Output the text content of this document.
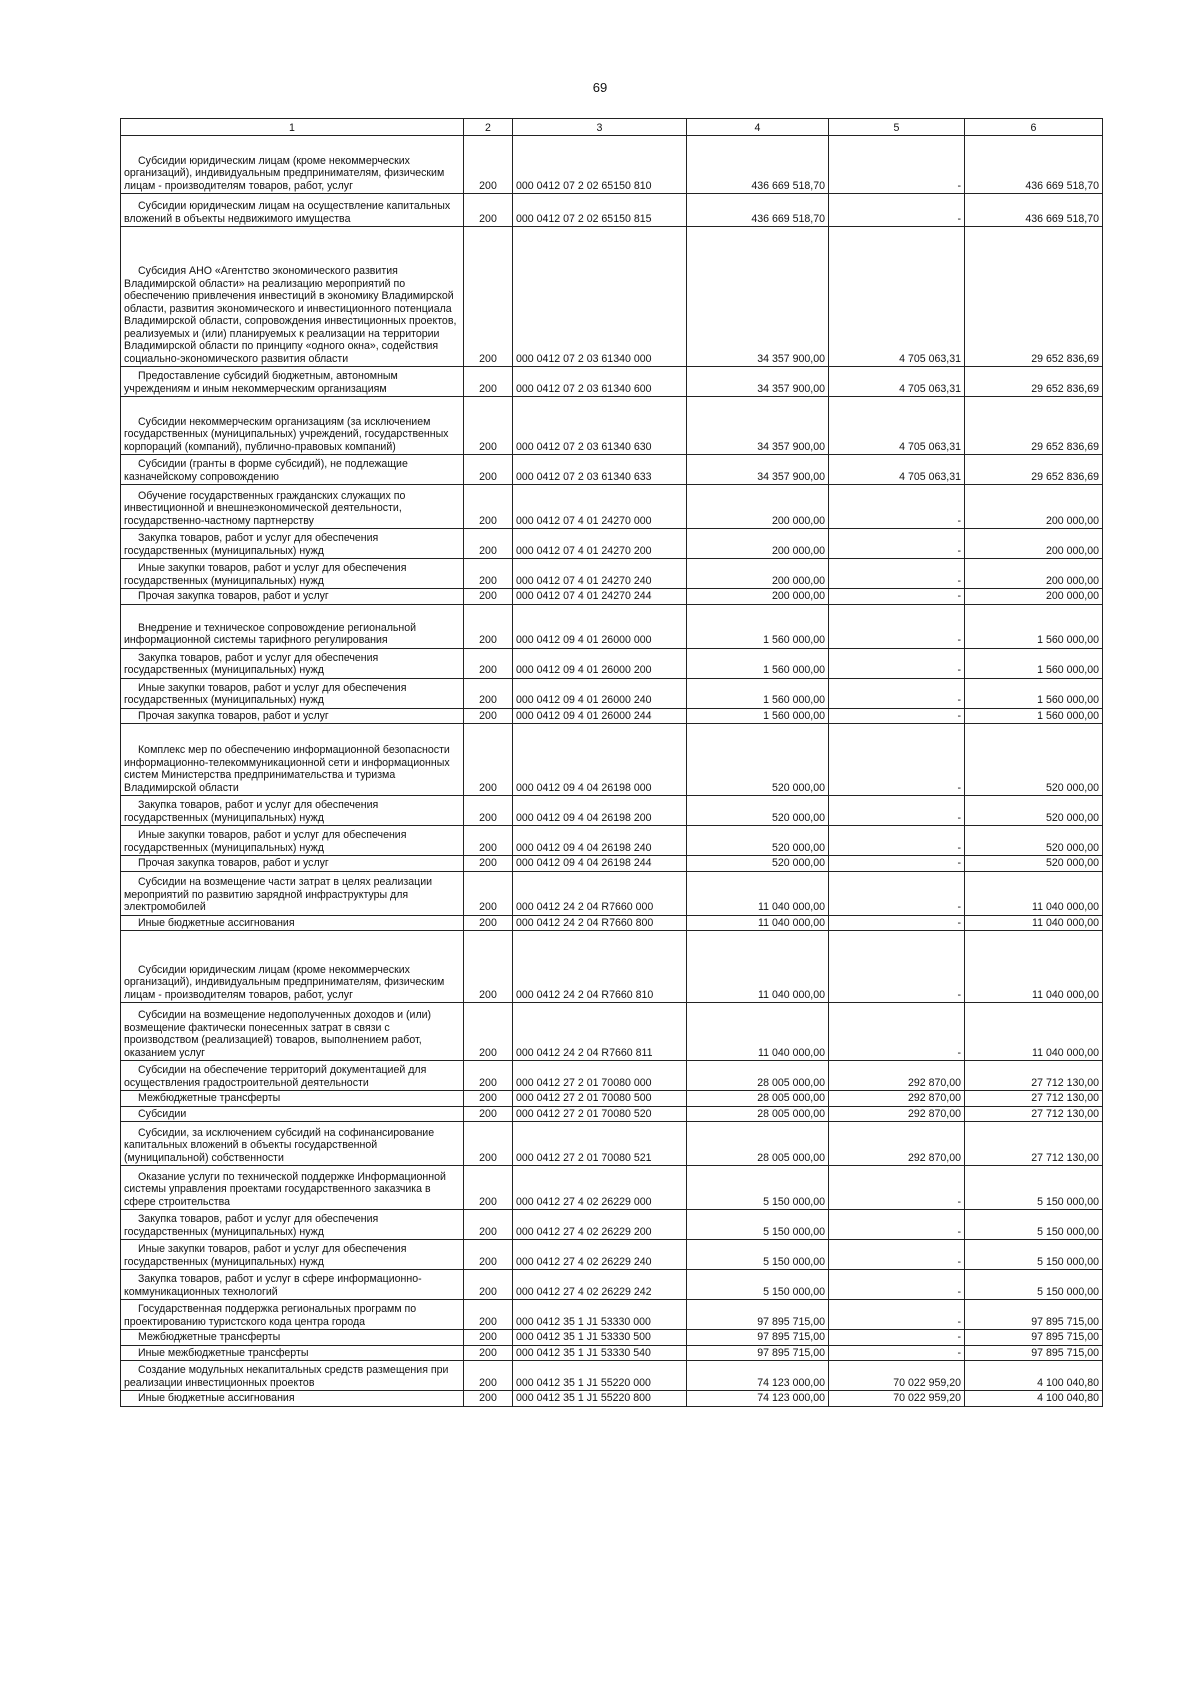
69
1	2	3	4	5	6
Субсидии юридическим лицам (кроме некоммерческих организаций), индивидуальным предпринимателям, физическим лицам - производителям товаров, работ, услуг	200	000 0412 07 2 02 65150 810	436 669 518,70	-	436 669 518,70
Субсидии юридическим лицам на осуществление капитальных вложений в объекты недвижимого имущества	200	000 0412 07 2 02 65150 815	436 669 518,70	-	436 669 518,70
Субсидия АНО «Агентство экономического развития Владимирской области» на реализацию мероприятий по обеспечению привлечения инвестиций в экономику Владимирской области, развития экономического и инвестиционного потенциала Владимирской области, сопровождения инвестиционных проектов, реализуемых и (или) планируемых к реализации на территории Владимирской области по принципу «одного окна», содействия социально-экономического развития области	200	000 0412 07 2 03 61340 000	34 357 900,00	4 705 063,31	29 652 836,69
Предоставление субсидий бюджетным, автономным учреждениям и иным некоммерческим организациям	200	000 0412 07 2 03 61340 600	34 357 900,00	4 705 063,31	29 652 836,69
Субсидии некоммерческим организациям (за исключением государственных (муниципальных) учреждений, государственных корпораций (компаний), публично-правовых компаний)	200	000 0412 07 2 03 61340 630	34 357 900,00	4 705 063,31	29 652 836,69
Субсидии (гранты в форме субсидий), не подлежащие казначейскому сопровождению	200	000 0412 07 2 03 61340 633	34 357 900,00	4 705 063,31	29 652 836,69
Обучение государственных гражданских служащих по инвестиционной и внешнеэкономической деятельности, государственно-частному партнерству	200	000 0412 07 4 01 24270 000	200 000,00	-	200 000,00
Закупка товаров, работ и услуг для обеспечения государственных (муниципальных) нужд	200	000 0412 07 4 01 24270 200	200 000,00	-	200 000,00
Иные закупки товаров, работ и услуг для обеспечения государственных (муниципальных) нужд	200	000 0412 07 4 01 24270 240	200 000,00	-	200 000,00
Прочая закупка товаров, работ и услуг	200	000 0412 07 4 01 24270 244	200 000,00	-	200 000,00
Внедрение и техническое сопровождение региональной информационной системы тарифного регулирования	200	000 0412 09 4 01 26000 000	1 560 000,00	-	1 560 000,00
Закупка товаров, работ и услуг для обеспечения государственных (муниципальных) нужд	200	000 0412 09 4 01 26000 200	1 560 000,00	-	1 560 000,00
Иные закупки товаров, работ и услуг для обеспечения государственных (муниципальных) нужд	200	000 0412 09 4 01 26000 240	1 560 000,00	-	1 560 000,00
Прочая закупка товаров, работ и услуг	200	000 0412 09 4 01 26000 244	1 560 000,00	-	1 560 000,00
Комплекс мер по обеспечению информационной безопасности информационно-телекоммуникационной сети и информационных систем Министерства предпринимательства и туризма Владимирской области	200	000 0412 09 4 04 26198 000	520 000,00	-	520 000,00
Закупка товаров, работ и услуг для обеспечения государственных (муниципальных) нужд	200	000 0412 09 4 04 26198 200	520 000,00	-	520 000,00
Иные закупки товаров, работ и услуг для обеспечения государственных (муниципальных) нужд	200	000 0412 09 4 04 26198 240	520 000,00	-	520 000,00
Прочая закупка товаров, работ и услуг	200	000 0412 09 4 04 26198 244	520 000,00	-	520 000,00
Субсидии на возмещение части затрат в целях реализации мероприятий по развитию зарядной инфраструктуры для электромобилей	200	000 0412 24 2 04 R7660 000	11 040 000,00	-	11 040 000,00
Иные бюджетные ассигнования	200	000 0412 24 2 04 R7660 800	11 040 000,00	-	11 040 000,00
Субсидии юридическим лицам (кроме некоммерческих организаций), индивидуальным предпринимателям, физическим лицам - производителям товаров, работ, услуг	200	000 0412 24 2 04 R7660 810	11 040 000,00	-	11 040 000,00
Субсидии на возмещение недополученных доходов и (или) возмещение фактически понесенных затрат в связи с производством (реализацией) товаров, выполнением работ, оказанием услуг	200	000 0412 24 2 04 R7660 811	11 040 000,00	-	11 040 000,00
Субсидии на обеспечение территорий документацией для осуществления градостроительной деятельности	200	000 0412 27 2 01 70080 000	28 005 000,00	292 870,00	27 712 130,00
Межбюджетные трансферты	200	000 0412 27 2 01 70080 500	28 005 000,00	292 870,00	27 712 130,00
Субсидии	200	000 0412 27 2 01 70080 520	28 005 000,00	292 870,00	27 712 130,00
Субсидии, за исключением субсидий на софинансирование капитальных вложений в объекты государственной (муниципальной) собственности	200	000 0412 27 2 01 70080 521	28 005 000,00	292 870,00	27 712 130,00
Оказание услуги по технической поддержке Информационной системы управления проектами государственного заказчика в сфере строительства	200	000 0412 27 4 02 26229 000	5 150 000,00	-	5 150 000,00
Закупка товаров, работ и услуг для обеспечения государственных (муниципальных) нужд	200	000 0412 27 4 02 26229 200	5 150 000,00	-	5 150 000,00
Иные закупки товаров, работ и услуг для обеспечения государственных (муниципальных) нужд	200	000 0412 27 4 02 26229 240	5 150 000,00	-	5 150 000,00
Закупка товаров, работ и услуг в сфере информационно-коммуникационных технологий	200	000 0412 27 4 02 26229 242	5 150 000,00	-	5 150 000,00
Государственная поддержка региональных программ по проектированию туристского кода центра города	200	000 0412 35 1 J1 53330 000	97 895 715,00	-	97 895 715,00
Межбюджетные трансферты	200	000 0412 35 1 J1 53330 500	97 895 715,00	-	97 895 715,00
Иные межбюджетные трансферты	200	000 0412 35 1 J1 53330 540	97 895 715,00	-	97 895 715,00
Создание модульных некапитальных средств размещения при реализации инвестиционных проектов	200	000 0412 35 1 J1 55220 000	74 123 000,00	70 022 959,20	4 100 040,80
Иные бюджетные ассигнования	200	000 0412 35 1 J1 55220 800	74 123 000,00	70 022 959,20	4 100 040,80
